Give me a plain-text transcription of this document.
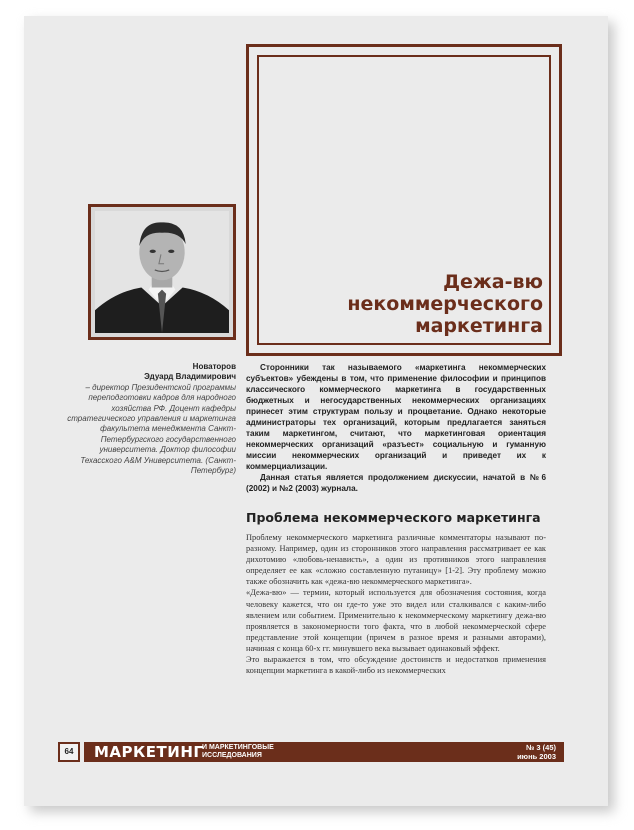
Дежа-вю
некоммерческого
маркетинга
Новаторов
Эдуард Владимирович
– директор Президентской программы переподготовки кадров для народного хозяйства РФ. Доцент кафедры стратегического управления и маркетинга факультета менеджмента Санкт-Петербургского государственного университета. Доктор философии Техасского A&M Университета. (Санкт-Петербург)

Сторонники так называемого «маркетинга некоммерческих субъектов» убеждены в том, что применение философии и принципов классического коммерческого маркетинга в государственных бюджетных и негосударственных некоммерческих организациях принесет этим структурам пользу и процветание. Однако некоторые администраторы тех организаций, которым предлагается заняться таким маркетингом, считают, что маркетинговая ориентация некоммерческих организаций «разъест» социальную и гуманную миссии некоммерческих организаций и приведет их к коммерциализации.

Данная статья является продолжением дискуссии, начатой в №6 (2002) и №2 (2003) журнала.

Проблема некоммерческого маркетинга

Проблему некоммерческого маркетинга различные комментаторы называют по-разному. Например, один из сторонников этого направления рассматривает ее как дихотомию «любовь-ненависть», а один из противников этого направления определяет ее как «сложно составленную путаницу» [1-2]. Эту проблему можно также обозначить как «дежа-вю некоммерческого маркетинга».

«Дежа-вю» — термин, который используется для обозначения состояния, когда человеку кажется, что он где-то уже это видел или сталкивался с каким-либо явлением или событием. Применительно к некоммерческому маркетингу дежа-вю проявляется в закономерности того факта, что в любой некоммерческой сфере представление этой концепции (причем в разное время и разными авторами), начиная с конца 60-х гг. минувшего века вызывает одинаковый эффект.

Это выражается в том, что обсуждение достоинств и недостатков применения концепции маркетинга в какой-либо из некоммерческих

64	МАРКЕТИНГ
И МАРКЕТИНГОВЫЕ
ИССЛЕДОВАНИЯ
№ 3 (45)
июнь 2003
